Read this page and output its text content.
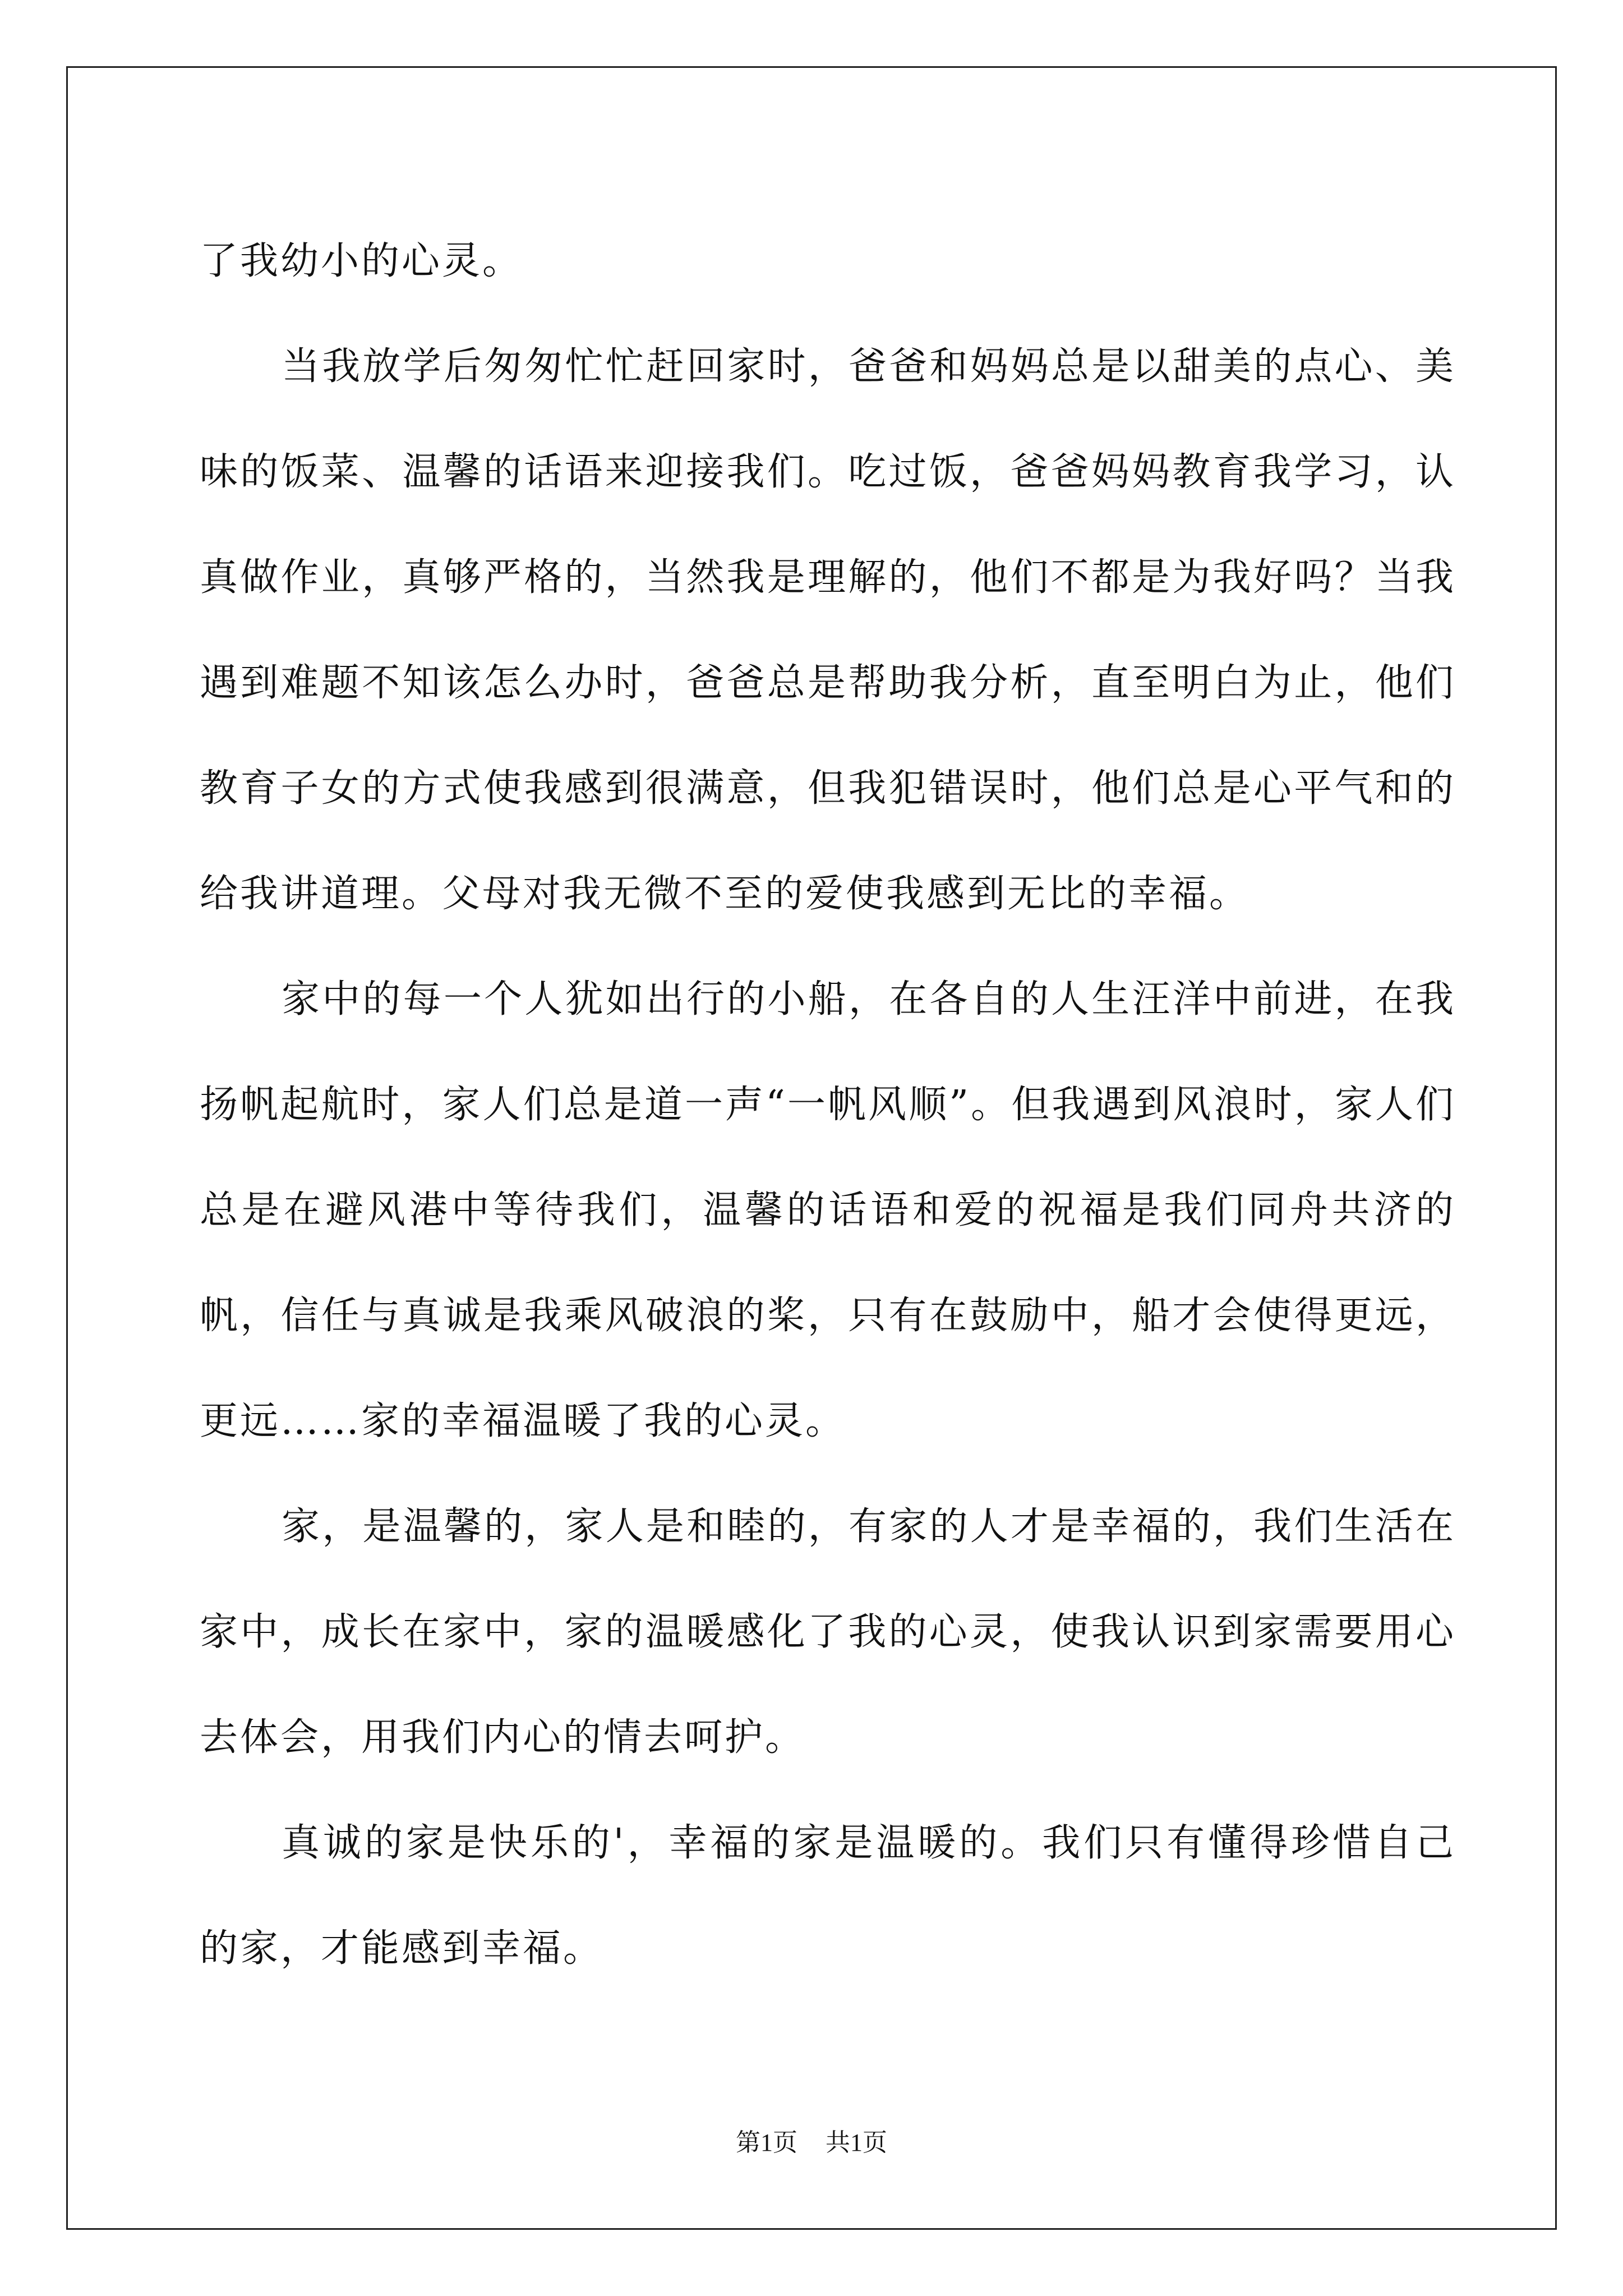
了我幼小的心灵。

当我放学后匆匆忙忙赶回家时，爸爸和妈妈总是以甜美的点心、美味的饭菜、温馨的话语来迎接我们。吃过饭，爸爸妈妈教育我学习，认真做作业，真够严格的，当然我是理解的，他们不都是为我好吗？当我遇到难题不知该怎么办时，爸爸总是帮助我分析，直至明白为止，他们教育子女的方式使我感到很满意，但我犯错误时，他们总是心平气和的给我讲道理。父母对我无微不至的爱使我感到无比的幸福。

家中的每一个人犹如出行的小船，在各自的人生汪洋中前进，在我扬帆起航时，家人们总是道一声“一帆风顺”。但我遇到风浪时，家人们总是在避风港中等待我们，温馨的话语和爱的祝福是我们同舟共济的帆，信任与真诚是我乘风破浪的桨，只有在鼓励中，船才会使得更远，更远……家的幸福温暖了我的心灵。

家，是温馨的，家人是和睦的，有家的人才是幸福的，我们生活在家中，成长在家中，家的温暖感化了我的心灵，使我认识到家需要用心去体会，用我们内心的情去呵护。

真诚的家是快乐的'，幸福的家是温暖的。我们只有懂得珍惜自己的家，才能感到幸福。

第1页 共1页
